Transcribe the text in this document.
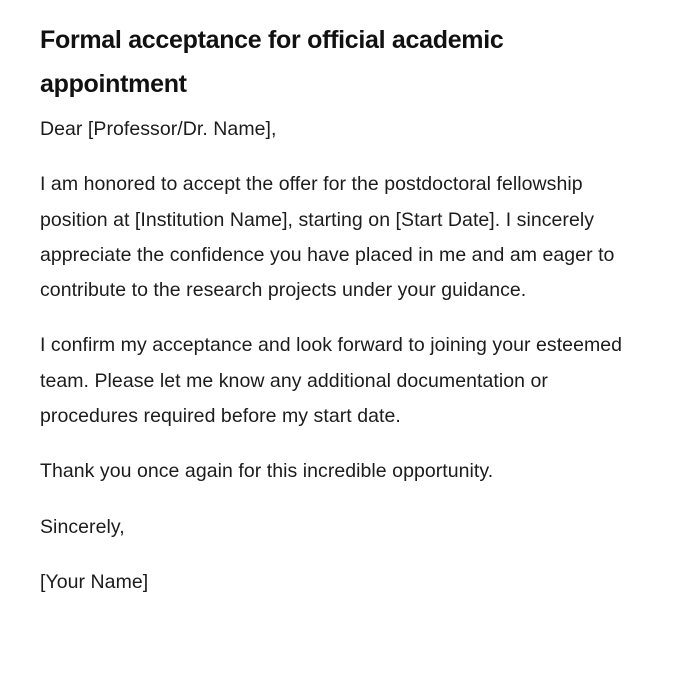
Formal acceptance for official academic appointment

Dear [Professor/Dr. Name],

I am honored to accept the offer for the postdoctoral fellowship position at [Institution Name], starting on [Start Date]. I sincerely appreciate the confidence you have placed in me and am eager to contribute to the research projects under your guidance.

I confirm my acceptance and look forward to joining your esteemed team. Please let me know any additional documentation or procedures required before my start date.

Thank you once again for this incredible opportunity.

Sincerely,

[Your Name]
